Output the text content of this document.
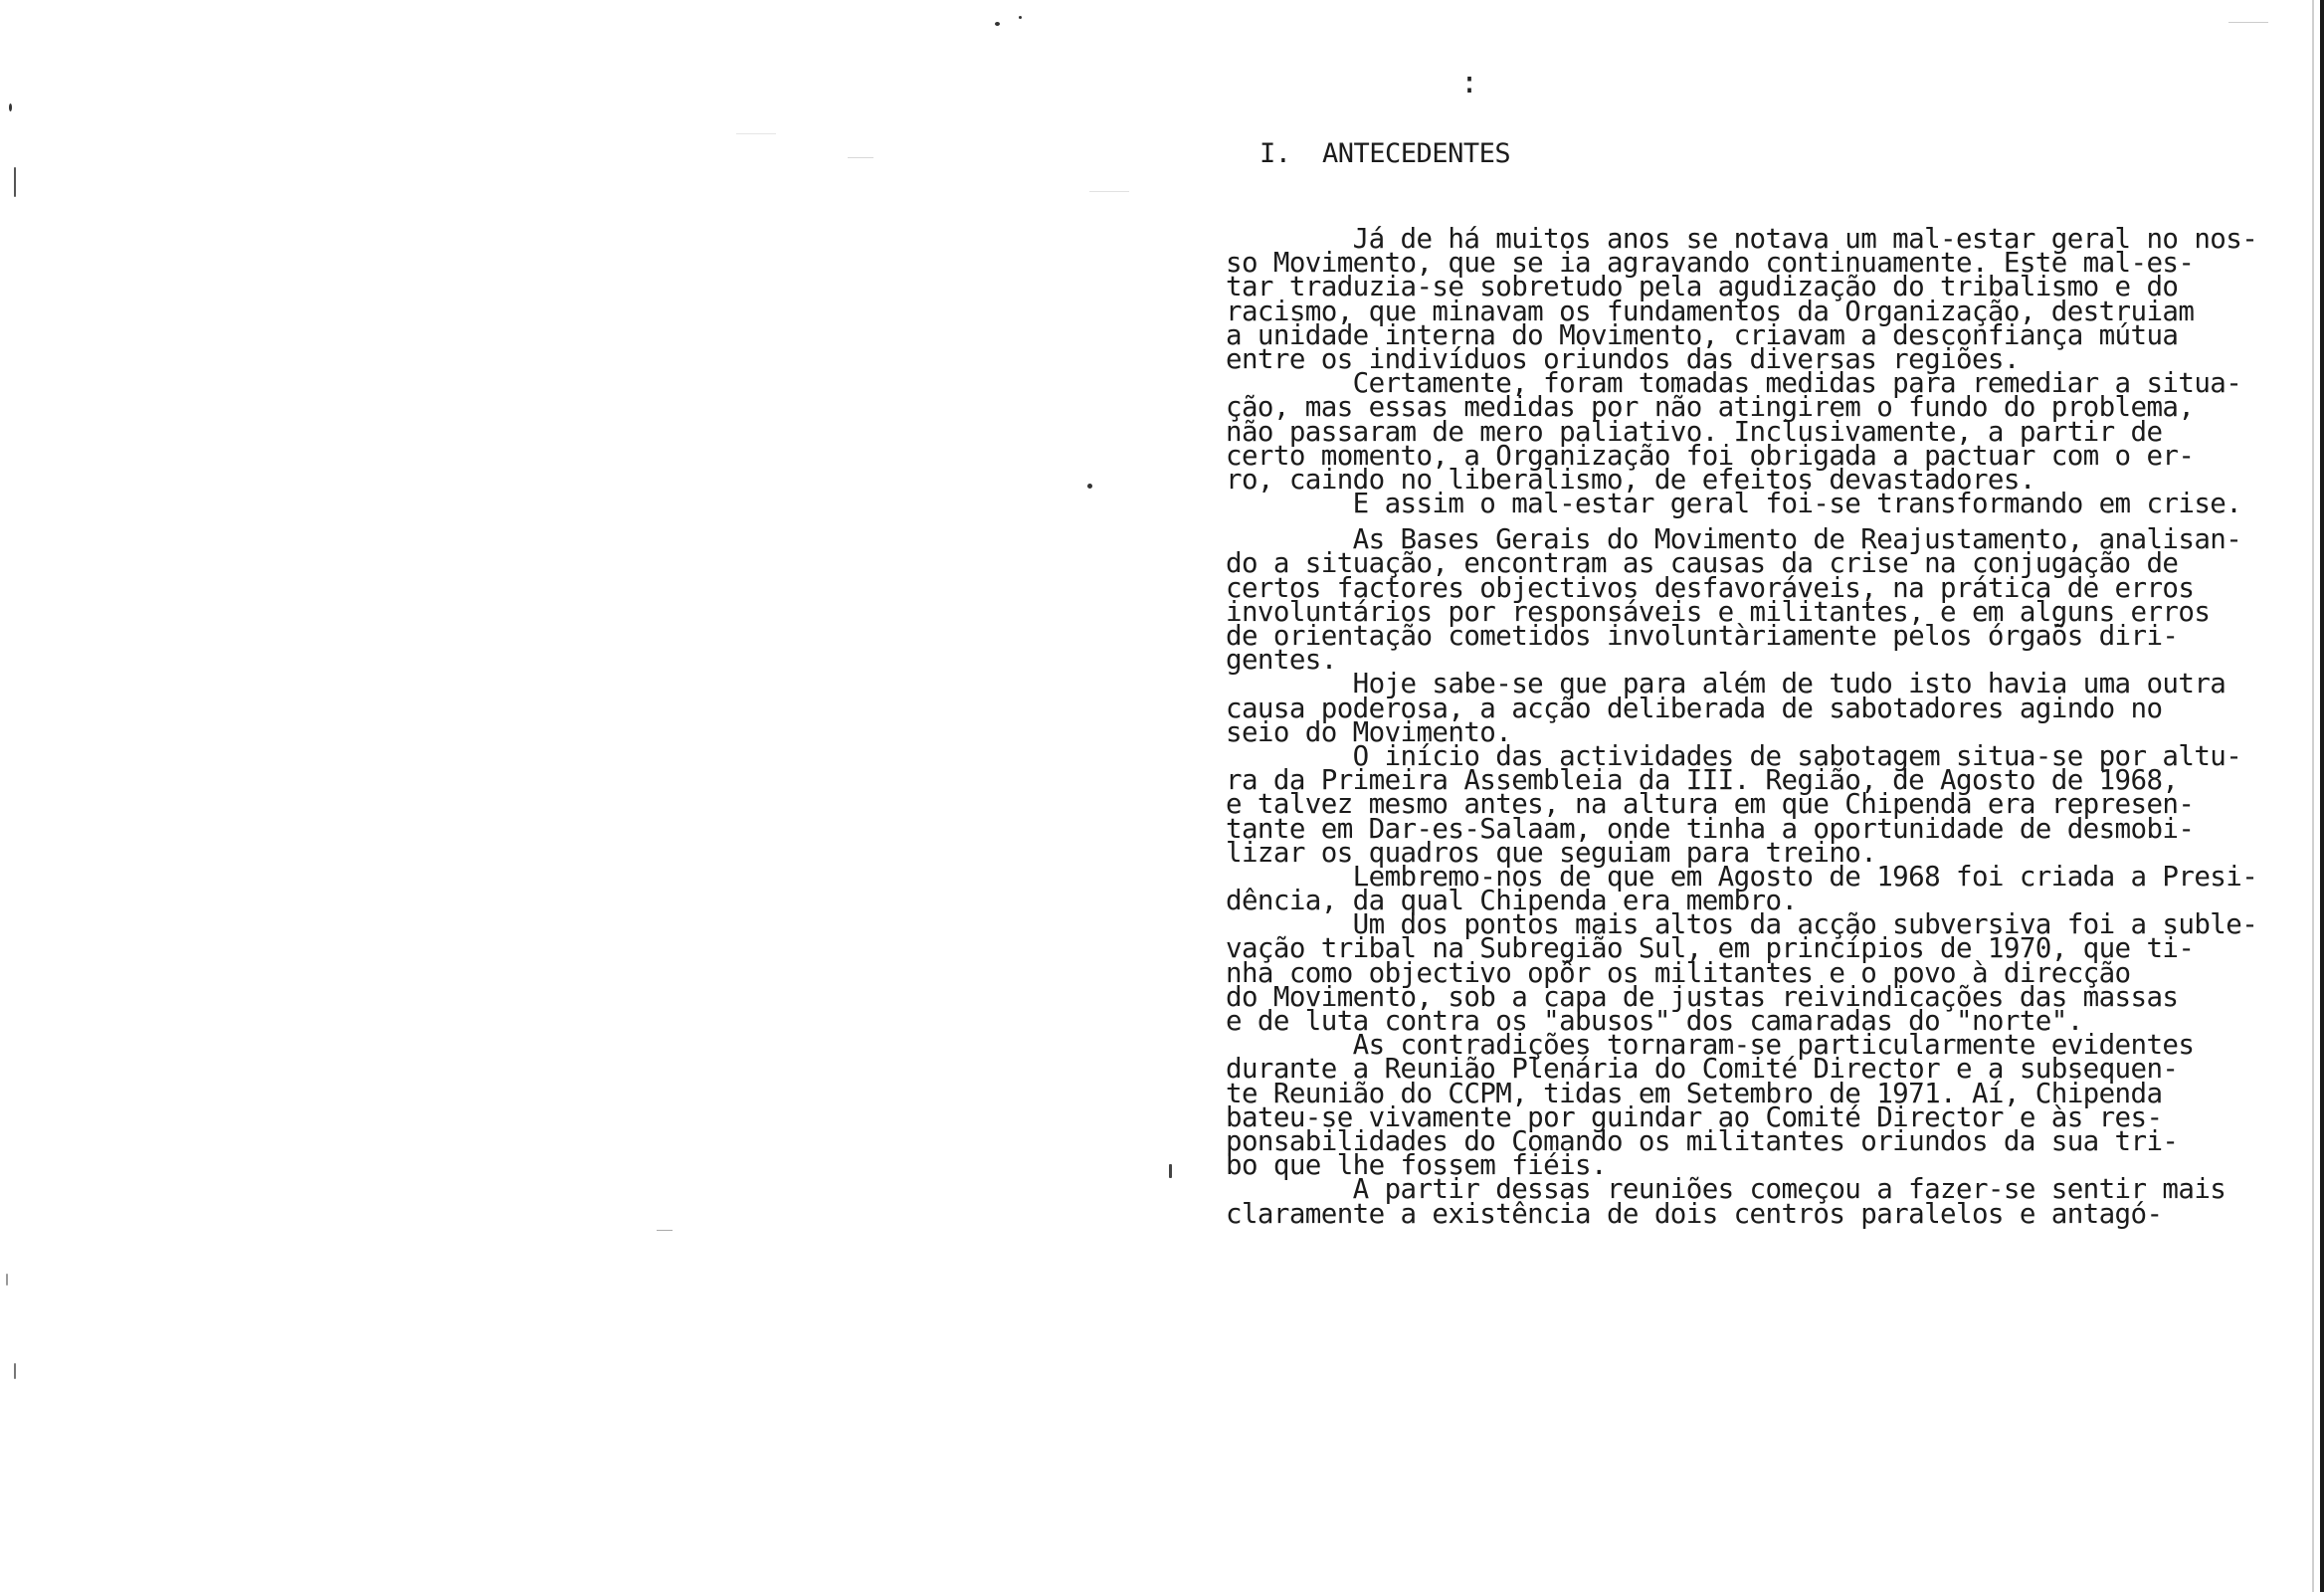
:

I.  ANTECEDENTES

Já de há muitos anos se notava um mal-estar geral no nos-
so Movimento, que se ia agravando continuamente. Este mal-es-
tar traduzia-se sobretudo pela agudização do tribalismo e do
racismo, que minavam os fundamentos da Organização, destruiam
a unidade interna do Movimento, criavam a desconfiança mútua
entre os indivíduos oriundos das diversas regiões.
Certamente, foram tomadas medidas para remediar a situa-
ção, mas essas medidas por não atingirem o fundo do problema,
não passaram de mero paliativo. Inclusivamente, a partir de
certo momento, a Organização foi obrigada a pactuar com o er-
ro, caindo no liberalismo, de efeitos devastadores.
E assim o mal-estar geral foi-se transformando em crise.
As Bases Gerais do Movimento de Reajustamento, analisan-
do a situação, encontram as causas da crise na conjugação de
certos factores objectivos desfavoráveis, na prática de erros
involuntários por responsáveis e militantes, e em alguns erros
de orientação cometidos involuntàriamente pelos órgaõs diri-
gentes.
Hoje sabe-se que para além de tudo isto havia uma outra
causa poderosa, a acção deliberada de sabotadores agindo no
seio do Movimento.
O início das actividades de sabotagem situa-se por altu-
ra da Primeira Assembleia da III. Região, de Agosto de 1968,
e talvez mesmo antes, na altura em que Chipenda era represen-
tante em Dar-es-Salaam, onde tinha a oportunidade de desmobi-
lizar os quadros que seguiam para treino.
Lembremo-nos de que em Agosto de 1968 foi criada a Presi-
dência, da qual Chipenda era membro.
Um dos pontos mais altos da acção subversiva foi a suble-
vação tribal na Subregião Sul, em princípios de 1970, que ti-
nha como objectivo opôr os militantes e o povo à direcção
do Movimento, sob a capa de justas reivindicações das massas
e de luta contra os "abusos" dos camaradas do "norte".
As contradições tornaram-se particularmente evidentes
durante a Reunião Plenária do Comité Director e a subsequen-
te Reunião do CCPM, tidas em Setembro de 1971. Aí, Chipenda
bateu-se vivamente por guindar ao Comité Director e às res-
ponsabilidades do Comando os militantes oriundos da sua tri-
bo que lhe fossem fiéis.
A partir dessas reuniões começou a fazer-se sentir mais
claramente a existência de dois centros paralelos e antagó-
